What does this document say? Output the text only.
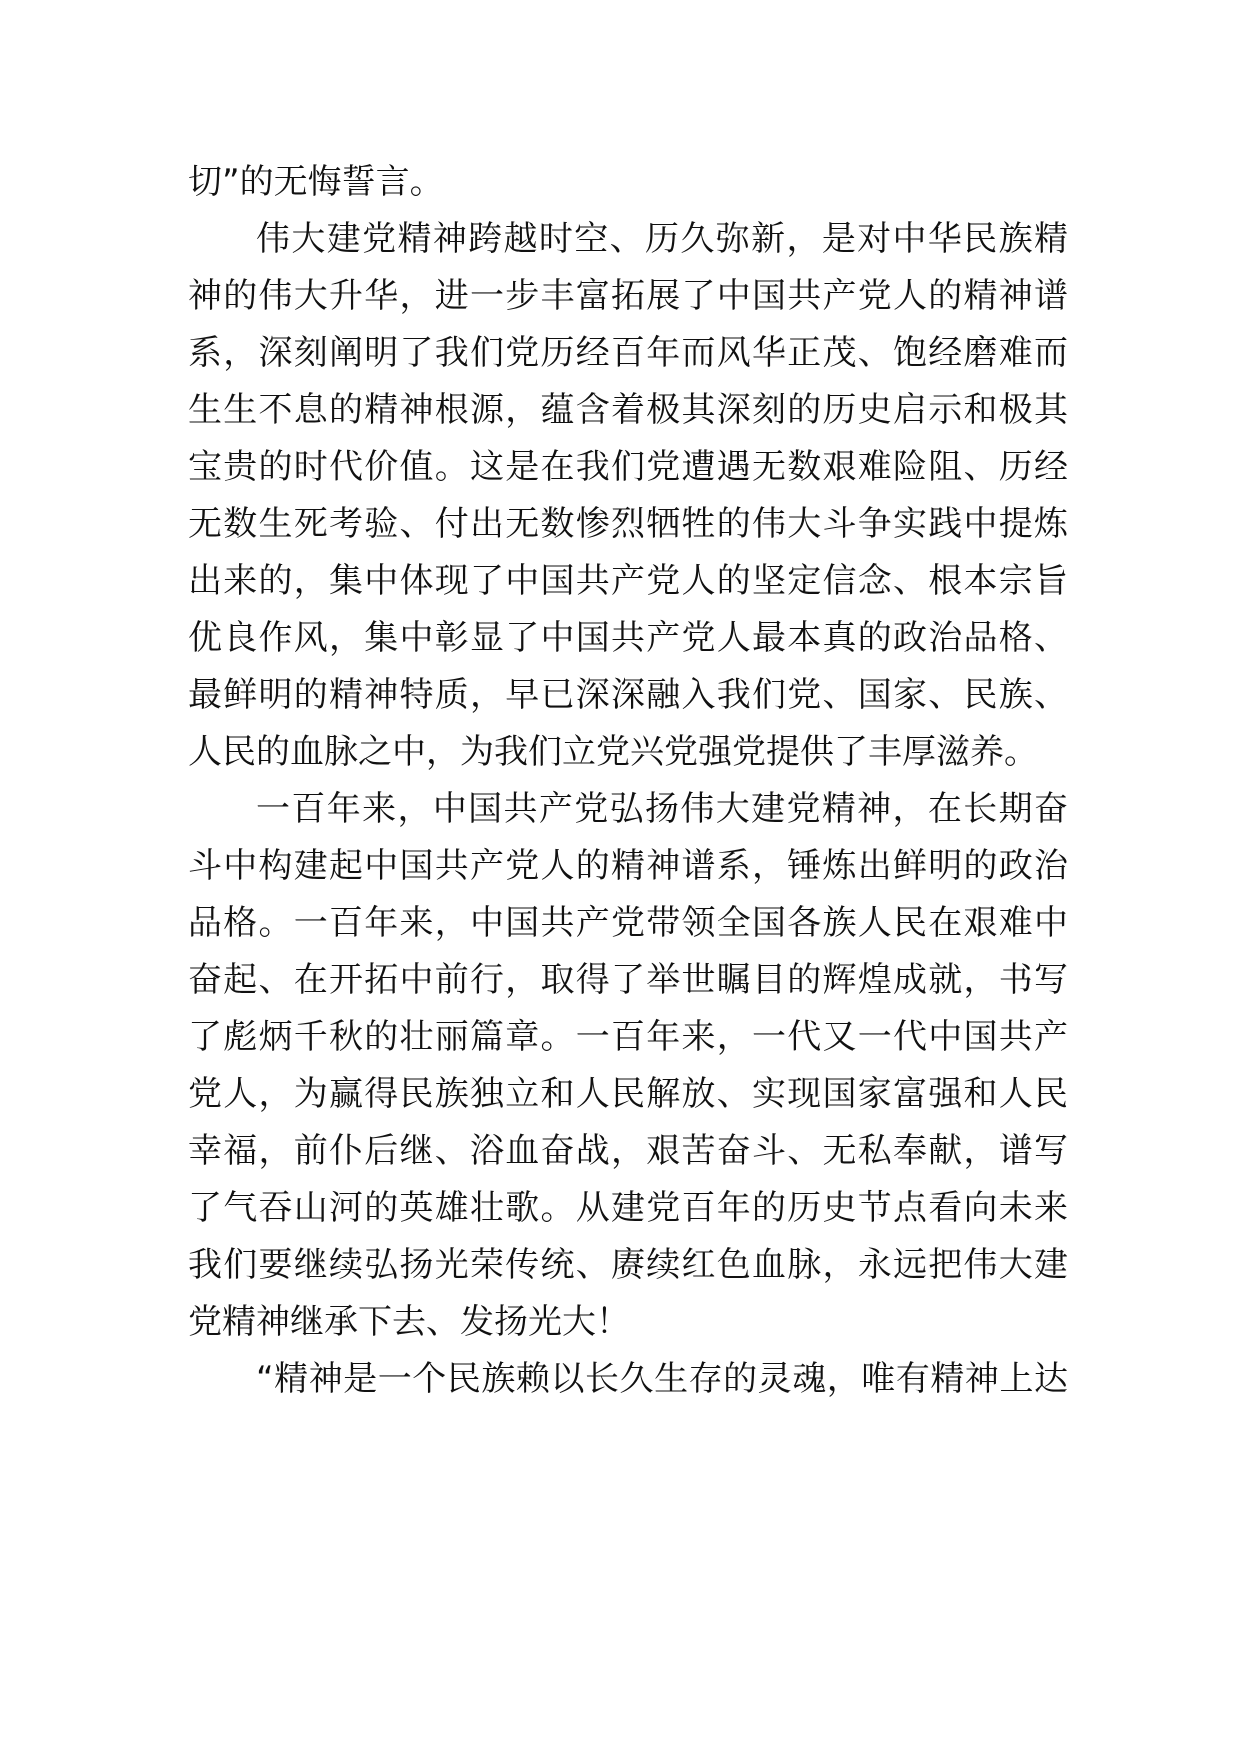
切”的无悔誓言。
伟大建党精神跨越时空、历久弥新，是对中华民族精
神的伟大升华，进一步丰富拓展了中国共产党人的精神谱
系，深刻阐明了我们党历经百年而风华正茂、饱经磨难而
生生不息的精神根源，蕴含着极其深刻的历史启示和极其
宝贵的时代价值。这是在我们党遭遇无数艰难险阻、历经
无数生死考验、付出无数惨烈牺牲的伟大斗争实践中提炼
出来的，集中体现了中国共产党人的坚定信念、根本宗旨
优良作风，集中彰显了中国共产党人最本真的政治品格、
最鲜明的精神特质，早已深深融入我们党、国家、民族、
人民的血脉之中，为我们立党兴党强党提供了丰厚滋养。
一百年来，中国共产党弘扬伟大建党精神，在长期奋
斗中构建起中国共产党人的精神谱系，锤炼出鲜明的政治
品格。一百年来，中国共产党带领全国各族人民在艰难中
奋起、在开拓中前行，取得了举世瞩目的辉煌成就，书写
了彪炳千秋的壮丽篇章。一百年来，一代又一代中国共产
党人，为赢得民族独立和人民解放、实现国家富强和人民
幸福，前仆后继、浴血奋战，艰苦奋斗、无私奉献，谱写
了气吞山河的英雄壮歌。从建党百年的历史节点看向未来
我们要继续弘扬光荣传统、赓续红色血脉，永远把伟大建
党精神继承下去、发扬光大！
“精神是一个民族赖以长久生存的灵魂，唯有精神上达
